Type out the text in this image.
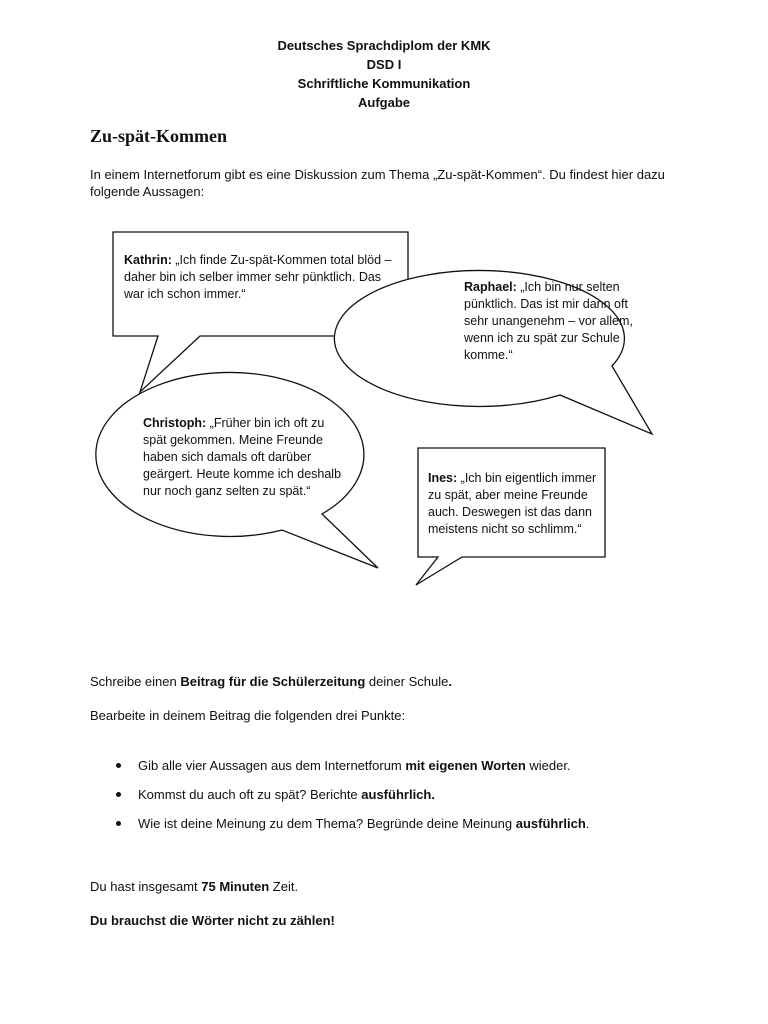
Deutsches Sprachdiplom der KMK
DSD I
Schriftliche Kommunikation
Aufgabe
Zu-spät-Kommen
In einem Internetforum gibt es eine Diskussion zum Thema „Zu-spät-Kommen“. Du findest hier dazu folgende Aussagen:
Kathrin: „Ich finde Zu-spät-Kommen total blöd – daher bin ich selber immer sehr pünktlich. Das war ich schon immer.“	Raphael: „Ich bin nur selten pünktlich. Das ist mir dann oft sehr unangenehm – vor allem, wenn ich zu spät zur Schule komme.“
Christoph: „Früher bin ich oft zu spät gekommen. Meine Freunde haben sich damals oft darüber geärgert. Heute komme ich deshalb nur noch ganz selten zu spät.“
Ines: „Ich bin eigentlich immer zu spät, aber meine Freunde auch. Deswegen ist das dann meistens nicht so schlimm.“
Schreibe einen Beitrag für die Schülerzeitung deiner Schule.
Bearbeite in deinem Beitrag die folgenden drei Punkte:
Gib alle vier Aussagen aus dem Internetforum mit eigenen Worten wieder.
Kommst du auch oft zu spät? Berichte ausführlich.
Wie ist deine Meinung zu dem Thema? Begründe deine Meinung ausführlich.
Du hast insgesamt 75 Minuten Zeit.
Du brauchst die Wörter nicht zu zählen!
